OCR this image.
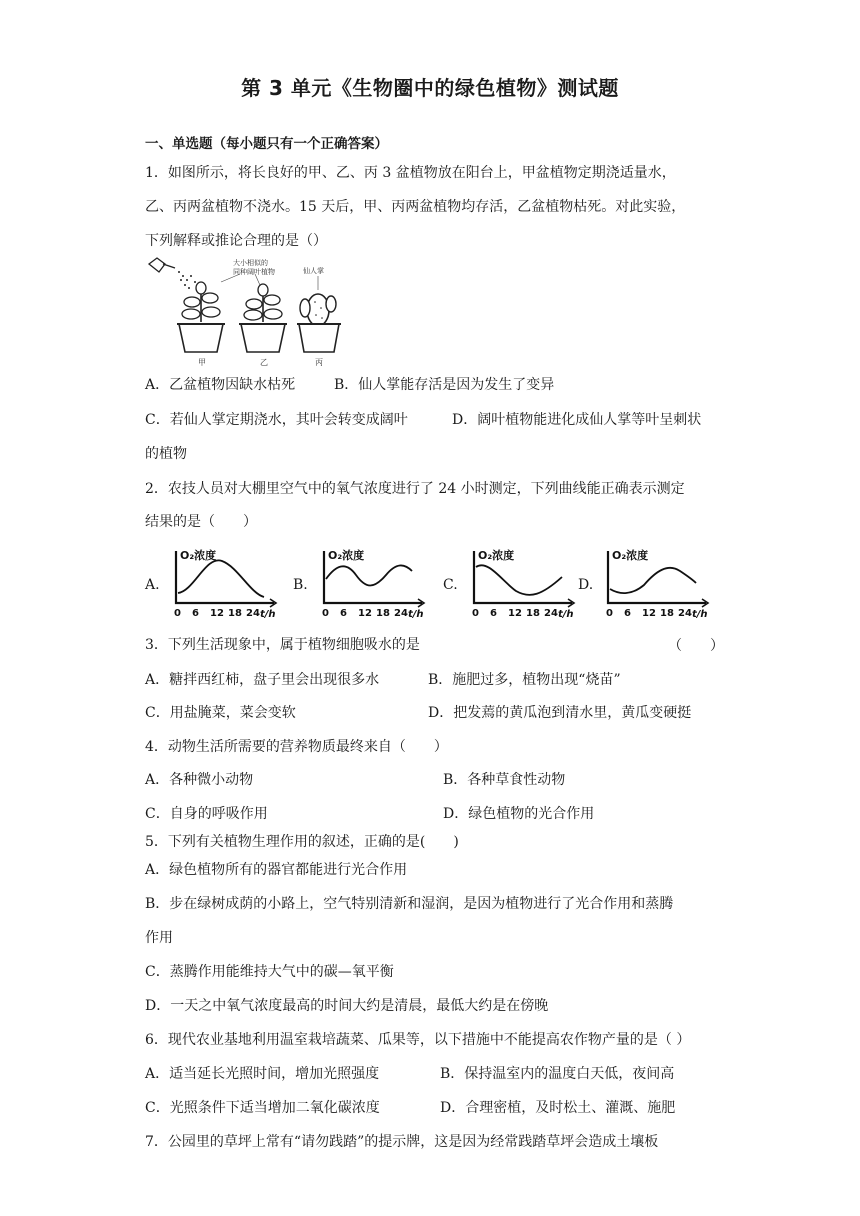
第 3 单元《生物圈中的绿色植物》测试题
一、单选题（每小题只有一个正确答案）
1．如图所示，将长良好的甲、乙、丙 3 盆植物放在阳台上，甲盆植物定期浇适量水，
乙、丙两盆植物不浇水。15 天后，甲、丙两盆植物均存活，乙盆植物枯死。对此实验，
下列解释或推论合理的是（）
大小相似的
同种阔叶植物	仙人掌
甲	乙	丙
A．乙盆植物因缺水枯死	B．仙人掌能存活是因为发生了变异
C．若仙人掌定期浇水，其叶会转变成阔叶	D．阔叶植物能进化成仙人掌等叶呈刺状
的植物
2．农技人员对大棚里空气中的氧气浓度进行了 24 小时测定，下列曲线能正确表示测定
结果的是（　　）
A.	B.	C.	D.
O₂浓度
0 6 12 18 24 t/h
O₂浓度
0 6 12 18 24 t/h
O₂浓度
0 6 12 18 24 t/h
O₂浓度
0 6 12 18 24 t/h
3．下列生活现象中，属于植物细胞吸水的是	（　　）
A．糖拌西红柿，盘子里会出现很多水	B．施肥过多，植物出现“烧苗”
C．用盐腌菜，菜会变软	D．把发蔫的黄瓜泡到清水里，黄瓜变硬挺
4．动物生活所需要的营养物质最终来自（　　）
A．各种微小动物	B．各种草食性动物
C．自身的呼吸作用	D．绿色植物的光合作用
5．下列有关植物生理作用的叙述，正确的是(　　)
A．绿色植物所有的器官都能进行光合作用
B．步在绿树成荫的小路上，空气特别清新和湿润，是因为植物进行了光合作用和蒸腾
作用
C．蒸腾作用能维持大气中的碳—氧平衡
D．一天之中氧气浓度最高的时间大约是清晨，最低大约是在傍晚
6．现代农业基地利用温室栽培蔬菜、瓜果等，以下措施中不能提高农作物产量的是（ ）
A．适当延长光照时间，增加光照强度	B．保持温室内的温度白天低，夜间高
C．光照条件下适当增加二氧化碳浓度	D．合理密植，及时松土、灌溉、施肥
7．公园里的草坪上常有“请勿践踏”的提示牌，这是因为经常践踏草坪会造成土壤板
